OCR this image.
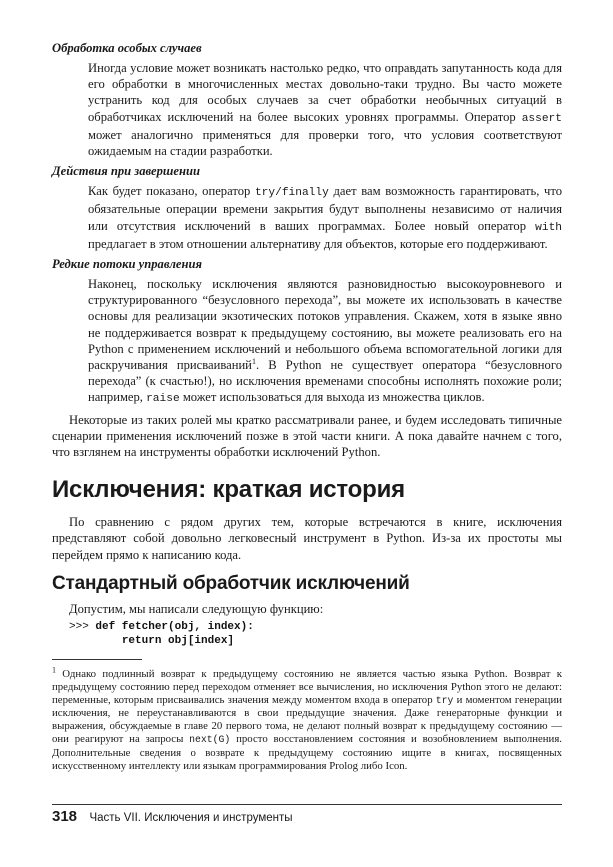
Обработка особых случаев
Иногда условие может возникать настолько редко, что оправдать запутанность кода для его обработки в многочисленных местах довольно-таки трудно. Вы часто можете устранить код для особых случаев за счет обработки необычных ситуаций в обработчиках исключений на более высоких уровнях программы. Оператор assert может аналогично применяться для проверки того, что условия соответствуют ожидаемым на стадии разработки.
Действия при завершении
Как будет показано, оператор try/finally дает вам возможность гарантировать, что обязательные операции времени закрытия будут выполнены независимо от наличия или отсутствия исключений в ваших программах. Более новый оператор with предлагает в этом отношении альтернативу для объектов, которые его поддерживают.
Редкие потоки управления
Наконец, поскольку исключения являются разновидностью высокоуровневого и структурированного “безусловного перехода”, вы можете их использовать в качестве основы для реализации экзотических потоков управления. Скажем, хотя в языке явно не поддерживается возврат к предыдущему состоянию, вы можете реализовать его на Python с применением исключений и небольшого объема вспомогательной логики для раскручивания присваиваний$^1$. В Python не существует оператора “безусловного перехода” (к счастью!), но исключения временами способны исполнять похожие роли; например, raise может использоваться для выхода из множества циклов.

Некоторые из таких ролей мы кратко рассматривали ранее, и будем исследовать типичные сценарии применения исключений позже в этой части книги. А пока давайте начнем с того, что взглянем на инструменты обработки исключений Python.

Исключения: краткая история

По сравнению с рядом других тем, которые встречаются в книге, исключения представляют собой довольно легковесный инструмент в Python. Из-за их простоты мы перейдем прямо к написанию кода.

Стандартный обработчик исключений

Допустим, мы написали следующую функцию:

>>> def fetcher(obj, index):
return obj[index]
$^1$ Однако подлинный возврат к предыдущему состоянию не является частью языка Python. Возврат к предыдущему состоянию перед переходом отменяет все вычисления, но исключения Python этого не делают: переменные, которым присваивались значения между моментом входа в оператор try и моментом генерации исключения, не переустанавливаются в свои предыдущие значения. Даже генераторные функции и выражения, обсуждаемые в главе 20 первого тома, не делают полный возврат к предыдущему состоянию — они реагируют на запросы next(G) просто восстановлением состояния и возобновлением выполнения. Дополнительные сведения о возврате к предыдущему состоянию ищите в книгах, посвященных искусственному интеллекту или языкам программирования Prolog либо Icon.
318 Часть VII. Исключения и инструменты
